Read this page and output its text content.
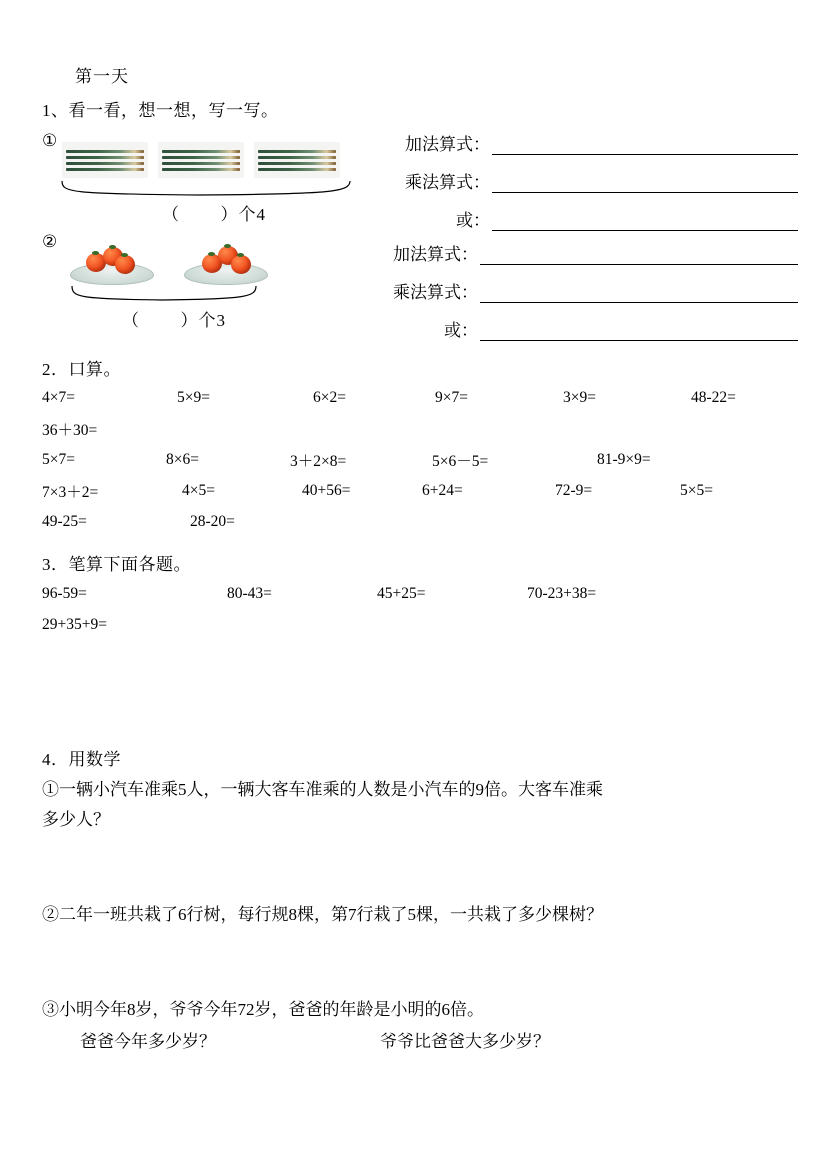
第一天
1、看一看，想一想，写一写。
①
（ ）个4
②
（ ）个3
加法算式：
乘法算式：
或：
加法算式：
乘法算式：
或：
2．口算。
4×7=	5×9=	6×2=	9×7=	3×9=	48-22=
36＋30=
5×7=	8×6=	3＋2×8=	5×6－5=	81-9×9=
7×3＋2=	4×5=	40+56=	6+24=	72-9=	5×5=
49-25=	28-20=
3．笔算下面各题。
96-59=	80-43=	45+25=	70-23+38=
29+35+9=
4．用数学
①一辆小汽车准乘5人，一辆大客车准乘的人数是小汽车的9倍。大客车准乘
多少人？
②二年一班共栽了6行树，每行规8棵，第7行栽了5棵，一共栽了多少棵树？
③小明今年8岁，爷爷今年72岁，爸爸的年龄是小明的6倍。
爸爸今年多少岁？	爷爷比爸爸大多少岁？
